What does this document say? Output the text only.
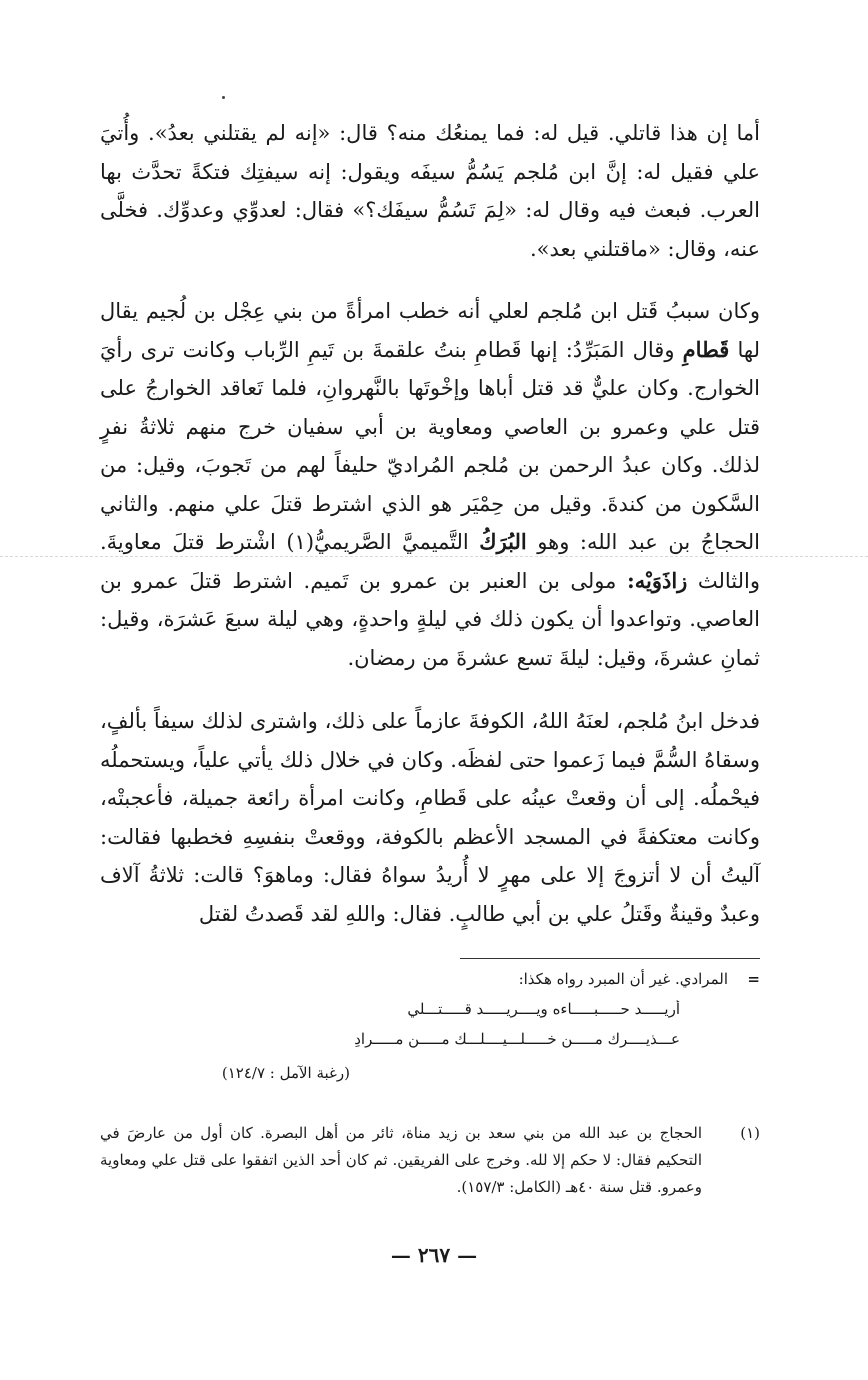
أما إن هذا قاتلي. قيل له: فما يمنعُك منه؟ قال: «إنه لم يقتلني بعدُ». وأُتيَ علي فقيل له: إنَّ ابن مُلجم يَسُمُّ سيفَه ويقول: إنه سيفتِك فتكةً تحدَّث بها العرب. فبعث فيه وقال له: «لِمَ تَسُمُّ سيفَك؟» فقال: لعدوِّي وعدوِّك. فخلَّى عنه، وقال: «ماقتلني بعد».

وكان سببُ قَتل ابن مُلجم لعلي أنه خطب امرأةً من بني عِجْل بن لُجيم يقال لها قَطامِ وقال المَبَرِّدُ: إنها قَطامِ بنتُ علقمةَ بن تَيمِ الرِّباب وكانت ترى رأيَ الخوارج. وكان عليٌّ قد قتل أباها وإخْوتَها بالنَّهروانِ، فلما تَعاقد الخوارجُ على قتل علي وعمرو بن العاصي ومعاوية بن أبي سفيان خرج منهم ثلاثةُ نفرٍ لذلك. وكان عبدُ الرحمن بن مُلجم المُراديّ حليفاً لهم من تَجوبَ، وقيل: من السَّكون من كندةَ. وقيل من حِمْيَر هو الذي اشترط قتلَ علي منهم. والثاني الحجاجُ بن عبد الله: وهو البُرَكُ التَّميميَّ الصَّريميُّ(١) اشْترط قتلَ معاويةَ. والثالث زاذَوَيْه: مولى بن العنبر بن عمرو بن تَميم. اشترط قتلَ عمرو بن العاصي. وتواعدوا أن يكون ذلك في ليلةٍ واحدةٍ، وهي ليلة سبعَ عَشرَة، وقيل: ثمانِ عشرةَ، وقيل: ليلةَ تسع عشرةَ من رمضان.

فدخل ابنُ مُلجم، لعنَهُ اللهُ، الكوفةَ عازماً على ذلك، واشترى لذلك سيفاً بألفٍ، وسقاهُ السُّمَّ فيما زَعموا حتى لفظَه. وكان في خلال ذلك يأتي علياً، ويستحملُه فيحْملُه. إلى أن وقعتْ عينُه على قَطامِ، وكانت امرأة رائعة جميلة، فأعجبتْه، وكانت معتكفةً في المسجد الأعظم بالكوفة، ووقعتْ بنفسِهِ فخطبها فقالت: آليتُ أن لا أتزوجَ إلا على مهرٍ لا أُريدُ سواهُ فقال: وماهوَ؟ قالت: ثلاثةُ آلاف وعبدٌ وقينةٌ وقَتلُ علي بن أبي طالبٍ. فقال: واللهِ لقد قَصدتُ لقتل

=المرادي. غير أن المبرد رواه هكذا:
أريـــــد حـــــبـــــاءه ويــــريـــــد قـــــتـــلي
عـــذيــــرك مـــــن خـــــلـــيــــلـــك مـــــن مـــــرادِ
(رغبة الآمل : ١٢٤/٧)
(١)
الحجاج بن عبد الله من بني سعد بن زيد مناة، ثائر من أهل البصرة. كان أول من عارضَ في التحكيم فقال: لا حكم إلا لله. وخرج على الفريقين. ثم كان أحد الذين اتفقوا على قتل علي ومعاوية وعمرو. قتل سنة ٤٠هـ (الكامل: ١٥٧/٣).
— ٢٦٧ —
